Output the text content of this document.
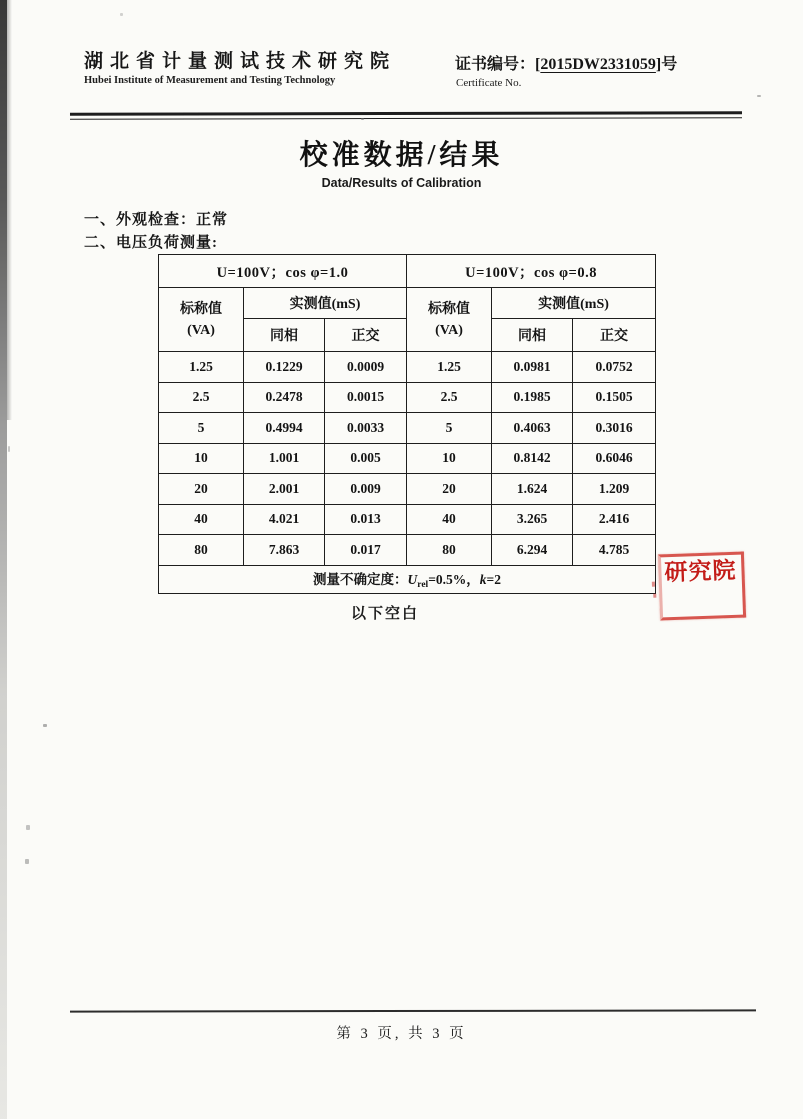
湖北省计量测试技术研究院
Hubei Institute of Measurement and Testing Technology
证书编号：[2015DW2331059]号
Certificate No.
校准数据/结果
Data/Results of Calibration
一、外观检查：正常
二、电压负荷测量:
U=100V；cos φ=1.0			U=100V；cos φ=0.8		

标称值
(VA)
	实测值(mS)	标称值
(VA)
	实测值(mS)
	同相	正交		同相	正交
1.25	0.1229	0.0009	1.25	0.0981	0.0752
2.5	0.2478	0.0015	2.5	0.1985	0.1505
5	0.4994	0.0033	5	0.4063	0.3016
10	1.001	0.005	10	0.8142	0.6046
20	2.001	0.009	20	1.624	1.209
40	4.021	0.013	40	3.265	2.416
80	7.863	0.017	80	6.294	4.785
测量不确定度：$U_{rel}=0.5\%$，k=2					
以下空白
研究院
第 3 页, 共 3 页
